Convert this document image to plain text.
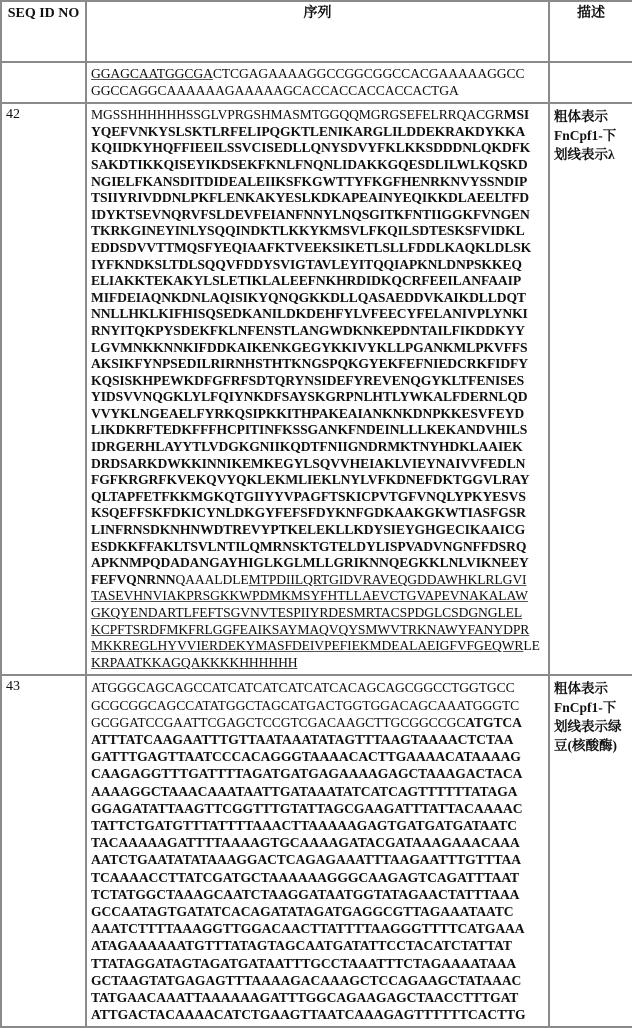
SEQ ID NO	序列	描述

GGAGCAATGGCGACTCGAGAAAAGGCCGGCGGCCACGAAAAAGGCC
GGCCAGGCAAAAAAGAAAAAGCACCACCACCACCACTGA

42	MGSSHHHHHHSSGLVPRGSHMASMTGGQQMGRGSEFELRRQACGRMSI
YQEFVNKYSLSKTLRFELIPQGKTLENIKARGLILDDEKRAKDYKKA
KQIIDKYHQFFIEEILSSVCISEDLLQNYSDVYFKLKKSDDDNLQKDFK
SAKDTIKKQISEYIKDSEKFKNLFNQNLIDAKKGQESDLILWLKQSKD
NGIELFKANSDITDIDEALEIIKSFKGWTTYFKGFHENRKNVYSSNDIP
TSIIYRIVDDNLPKFLENKAKYESLKDKAPEAINYEQIKKDLAEELTFD
IDYKTSEVNQRVFSLDEVFEIANFNNYLNQSGITKFNTIIGGKFVNGEN
TKRKGINEYINLYSQQINDKTLKKYKMSVLFKQILSDTESKSFVIDKL
EDDSDVVTTMQSFYEQIAAFKTVEEKSIKETLSLLFDDLKAQKLDLSK
IYFKNDKSLTDLSQQVFDDYSVIGTAVLEYITQQIAPKNLDNPSKKEQ
ELIAKKTEKAKYLSLETIKLALEEFNKHRDIDKQCRFEEILANFAAIP
MIFDEIAQNKDNLAQISIKYQNQGKKDLLQASAEDDVKAIKDLLDQT
NNLLHKLKIFHISQSEDKANILDKDEHFYLVFEECYFELANIVPLYNKI
RNYITQKPYSDEKFKLNFENSTLANGWDKNKEPDNTAILFIKDDKYY
LGVMNKKNNKIFDDKAIKENKGEGYKKIVYKLLPGANKMLPKVFFS
AKSIKFYNPSEDILRIRNHSTHTKNGSPQKGYEKFEFNIEDCRKFIDFY
KQSISKHPEWKDFGFRFSDTQRYNSIDEFYREVENQGYKLTFENISES
YIDSVVNQGKLYLFQIYNKDFSAYSKGRPNLHTLYWKALFDERNLQD
VVYKLNGEAELFYRKQSIPKKITHPAKEAIANKNKDNPKKESVFEYD
LIKDKRFTEDKFFFHCPITINFKSSGANKFNDEINLLLKEKANDVHILS
IDRGERHLAYYTLVDGKGNIIKQDTFNIIGNDRMKTNYHDKLAAIEK
DRDSARKDWKKINNIKEMKEGYLSQVVHEIAKLVIEYNAIVVFEDLN
FGFKRGRFKVEKQVYQKLEKMLIEKLNYLVFKDNEFDKTGGVLRAY
QLTAPFETFKKMGKQTGIIYYVPAGFTSKICPVTGFVNQLYPKYESVS
KSQEFFSKFDKICYNLDKGYFEFSFDYKNFGDKAAKGKWTIASFGSR
LINFRNSDKNHNWDTREVYPTKELEKLLKDYSIEYGHGECIKAAICG
ESDKKFFAKLTSVLNTILQMRNSKTGTELDYLISPVADVNGNFFDSRQ
APKNMPQDADANGAYHIGLKGLMLLGRIKNNQEGKKLNLVIKNEEY
FEFVQNRNNQAAALDLEMTPDIILQRTGIDVRAVEQGDDAWHKLRLGVI
TASEVHNVIAKPRSGKKWPDMKMSYFHTLLAEVCTGVAPEVNAKALAW
GKQYENDARTLFEFTSGVNVTESPIIYRDESMRTACSPDGLCSDGNGLEL
KCPFTSRDFMKFRLGGFEAIKSAYMAQVQYSMWVTRKNAWYFANYDPR
MKKREGLHYVVIERDEKYMASFDEIVPEFIEKMDEALAEIGFVFGEQWRLE
KRPAATKKAGQAKKKKHHHHHH
	粗体表示FnCpf1-下划线表示λ
43	ATGGGCAGCAGCCATCATCATCATCATCACAGCAGCGGCCTGGTGCC
GCGCGGCAGCCATATGGCTAGCATGACTGGTGGACAGCAAATGGGTC
GCGGATCCGAATTCGAGCTCCGTCGACAAGCTTGCGGCCGCATGTCA
ATTTATCAAGAATTTGTTAATAAATATAGTTTAAGTAAAACTCTAA
GATTTGAGTTAATCCCACAGGGTAAAACACTTGAAAACATAAAAG
CAAGAGGTTTGATTTTAGATGATGAGAAAAGAGCTAAAGACTACA
AAAAGGCTAAACAAATAATTGATAAATATCATCAGTTTTTTATAGA
GGAGATATTAAGTTCGGTTTGTATTAGCGAAGATTTATTACAAAAC
TATTCTGATGTTTATTTTAAACTTAAAAAGAGTGATGATGATAATC
TACAAAAAGATTTTAAAAGTGCAAAAGATACGATAAAGAAACAAA
AATCTGAATATATAAAGGACTCAGAGAAATTTAAGAATTTGTTTAA
TCAAAACCTTATCGATGCTAAAAAAGGGCAAGAGTCAGATTTAAT
TCTATGGCTAAAGCAATCTAAGGATAATGGTATAGAACTATTTAAA
GCCAATAGTGATATCACAGATATAGATGAGGCGTTAGAAATAATC
AAATCTTTTAAAGGTTGGACAACTTATTTTAAGGGTTTTCATGAAA
ATAGAAAAAATGTTTATAGTAGCAATGATATTCCTACATCTATTAT
TTATAGGATAGTAGATGATAATTTGCCTAAATTTCTAGAAAATAAA
GCTAAGTATGAGAGTTTAAAAGACAAAGCTCCAGAAGCTATAAAC
TATGAACAAATTAAAAAAGATTTGGCAGAAGAGCTAACCTTTGAT
ATTGACTACAAAACATCTGAAGTTAATCAAAGAGTTTTTTCACTTG
	粗体表示FnCpf1-下划线表示绿豆(核酸酶)
